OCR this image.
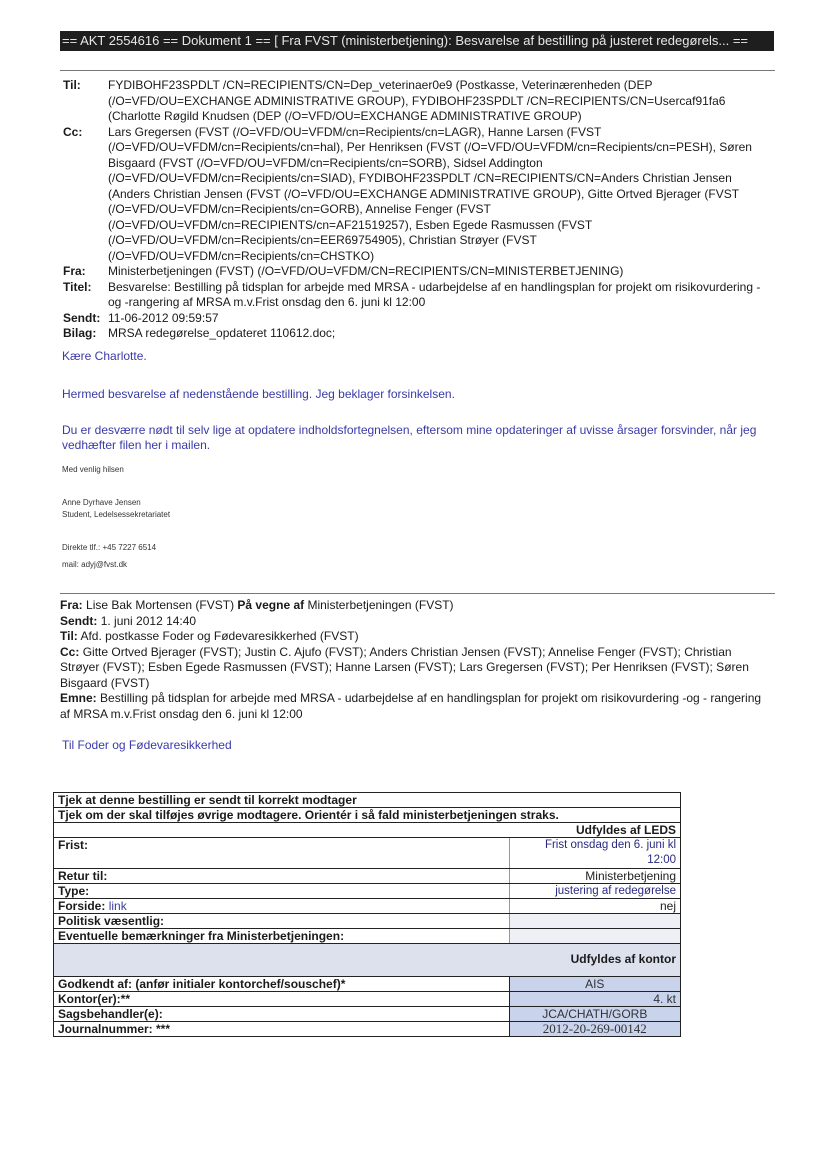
== AKT 2554616 == Dokument 1 == [ Fra FVST (ministerbetjening): Besvarelse af bestilling på justeret redegørels... ==
Til:	FYDIBOHF23SPDLT /CN=RECIPIENTS/CN=Dep_veterinaer0e9 (Postkasse, Veterinærenheden (DEP (/O=VFD/OU=EXCHANGE ADMINISTRATIVE GROUP), FYDIBOHF23SPDLT /CN=RECIPIENTS/CN=Usercaf91fa6 (Charlotte Røgild Knudsen (DEP (/O=VFD/OU=EXCHANGE ADMINISTRATIVE GROUP)
Cc:	Lars Gregersen (FVST (/O=VFD/OU=VFDM/cn=Recipients/cn=LAGR), Hanne Larsen (FVST (/O=VFD/OU=VFDM/cn=Recipients/cn=hal), Per Henriksen (FVST (/O=VFD/OU=VFDM/cn=Recipients/cn=PESH), Søren Bisgaard (FVST (/O=VFD/OU=VFDM/cn=Recipients/cn=SORB), Sidsel Addington (/O=VFD/OU=VFDM/cn=Recipients/cn=SIAD), FYDIBOHF23SPDLT /CN=RECIPIENTS/CN=Anders Christian Jensen (Anders Christian Jensen (FVST (/O=VFD/OU=EXCHANGE ADMINISTRATIVE GROUP), Gitte Ortved Bjerager (FVST (/O=VFD/OU=VFDM/cn=Recipients/cn=GORB), Annelise Fenger (FVST (/O=VFD/OU=VFDM/cn=RECIPIENTS/cn=AF21519257), Esben Egede Rasmussen (FVST (/O=VFD/OU=VFDM/cn=Recipients/cn=EER69754905), Christian Strøyer (FVST (/O=VFD/OU=VFDM/cn=Recipients/cn=CHSTKO)
Fra:	Ministerbetjeningen (FVST) (/O=VFD/OU=VFDM/CN=RECIPIENTS/CN=MINISTERBETJENING)
Titel:	Besvarelse: Bestilling på tidsplan for arbejde med MRSA - udarbejdelse af en handlingsplan for projekt om risikovurdering -og -rangering af MRSA m.v.Frist onsdag den 6. juni kl 12:00
Sendt: 11-06-2012 09:59:57
Bilag: MRSA redegørelse_opdateret 110612.doc;
Kære Charlotte.
Hermed besvarelse af nedenstående bestilling. Jeg beklager forsinkelsen.
Du er desværre nødt til selv lige at opdatere indholdsfortegnelsen, eftersom mine opdateringer af uvisse årsager forsvinder, når jeg vedhæfter filen her i mailen.
Med venlig hilsen
Anne Dyrhave Jensen
Student, Ledelsessekretariatet
Direkte tlf.: +45 7227 6514
mail: adyj@fvst.dk
Fra: Lise Bak Mortensen (FVST) På vegne af Ministerbetjeningen (FVST)
Sendt: 1. juni 2012 14:40
Til: Afd. postkasse Foder og Fødevaresikkerhed (FVST)
Cc: Gitte Ortved Bjerager (FVST); Justin C. Ajufo (FVST); Anders Christian Jensen (FVST); Annelise Fenger (FVST); Christian Strøyer (FVST); Esben Egede Rasmussen (FVST); Hanne Larsen (FVST); Lars Gregersen (FVST); Per Henriksen (FVST); Søren Bisgaard (FVST)
Emne: Bestilling på tidsplan for arbejde med MRSA - udarbejdelse af en handlingsplan for projekt om risikovurdering -og - rangering af MRSA m.v.Frist onsdag den 6. juni kl 12:00
Til Foder og Fødevaresikkerhed
Tjek at denne bestilling er sendt til korrekt modtager	
Tjek om der skal tilføjes øvrige modtagere. Orientér i så fald ministerbetjeningen straks.	
Udfyldes af LEDS	
Frist:	Frist onsdag den 6. juni kl 12:00
Retur til:	Ministerbetjening
Type:	justering af redegørelse
Forside: link	nej
Politisk væsentlig:	
Eventuelle bemærkninger fra Ministerbetjeningen:	
Udfyldes af kontor	
Godkendt af: (anfør initialer kontorchef/souschef)*	AIS
Kontor(er):**	4. kt
Sagsbehandler(e):	JCA/CHATH/GORB
Journalnummer: ***	2012-20-269-00142
